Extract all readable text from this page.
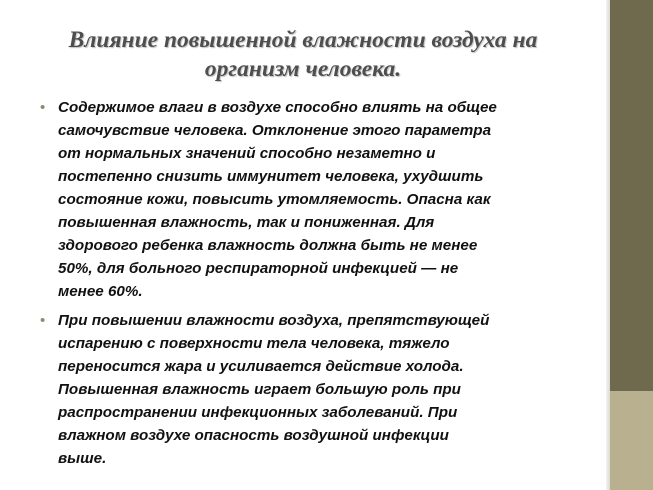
Влияние повышенной влажности воздуха на
организм человека.
• Содержимое влаги в воздухе способно влиять на общее
самочувствие человека. Отклонение этого параметра
от нормальных значений способно незаметно и
постепенно снизить иммунитет человека, ухудшить
состояние кожи, повысить утомляемость. Опасна как
повышенная влажность, так и пониженная. Для
здорового ребенка влажность должна быть не менее
50%, для больного респираторной инфекцией — не
менее 60%.

• При повышении влажности воздуха, препятствующей
испарению с поверхности тела человека, тяжело
переносится жара и усиливается действие холода.
Повышенная влажность играет большую роль при
распространении инфекционных заболеваний. При
влажном воздухе опасность воздушной инфекции
выше.
